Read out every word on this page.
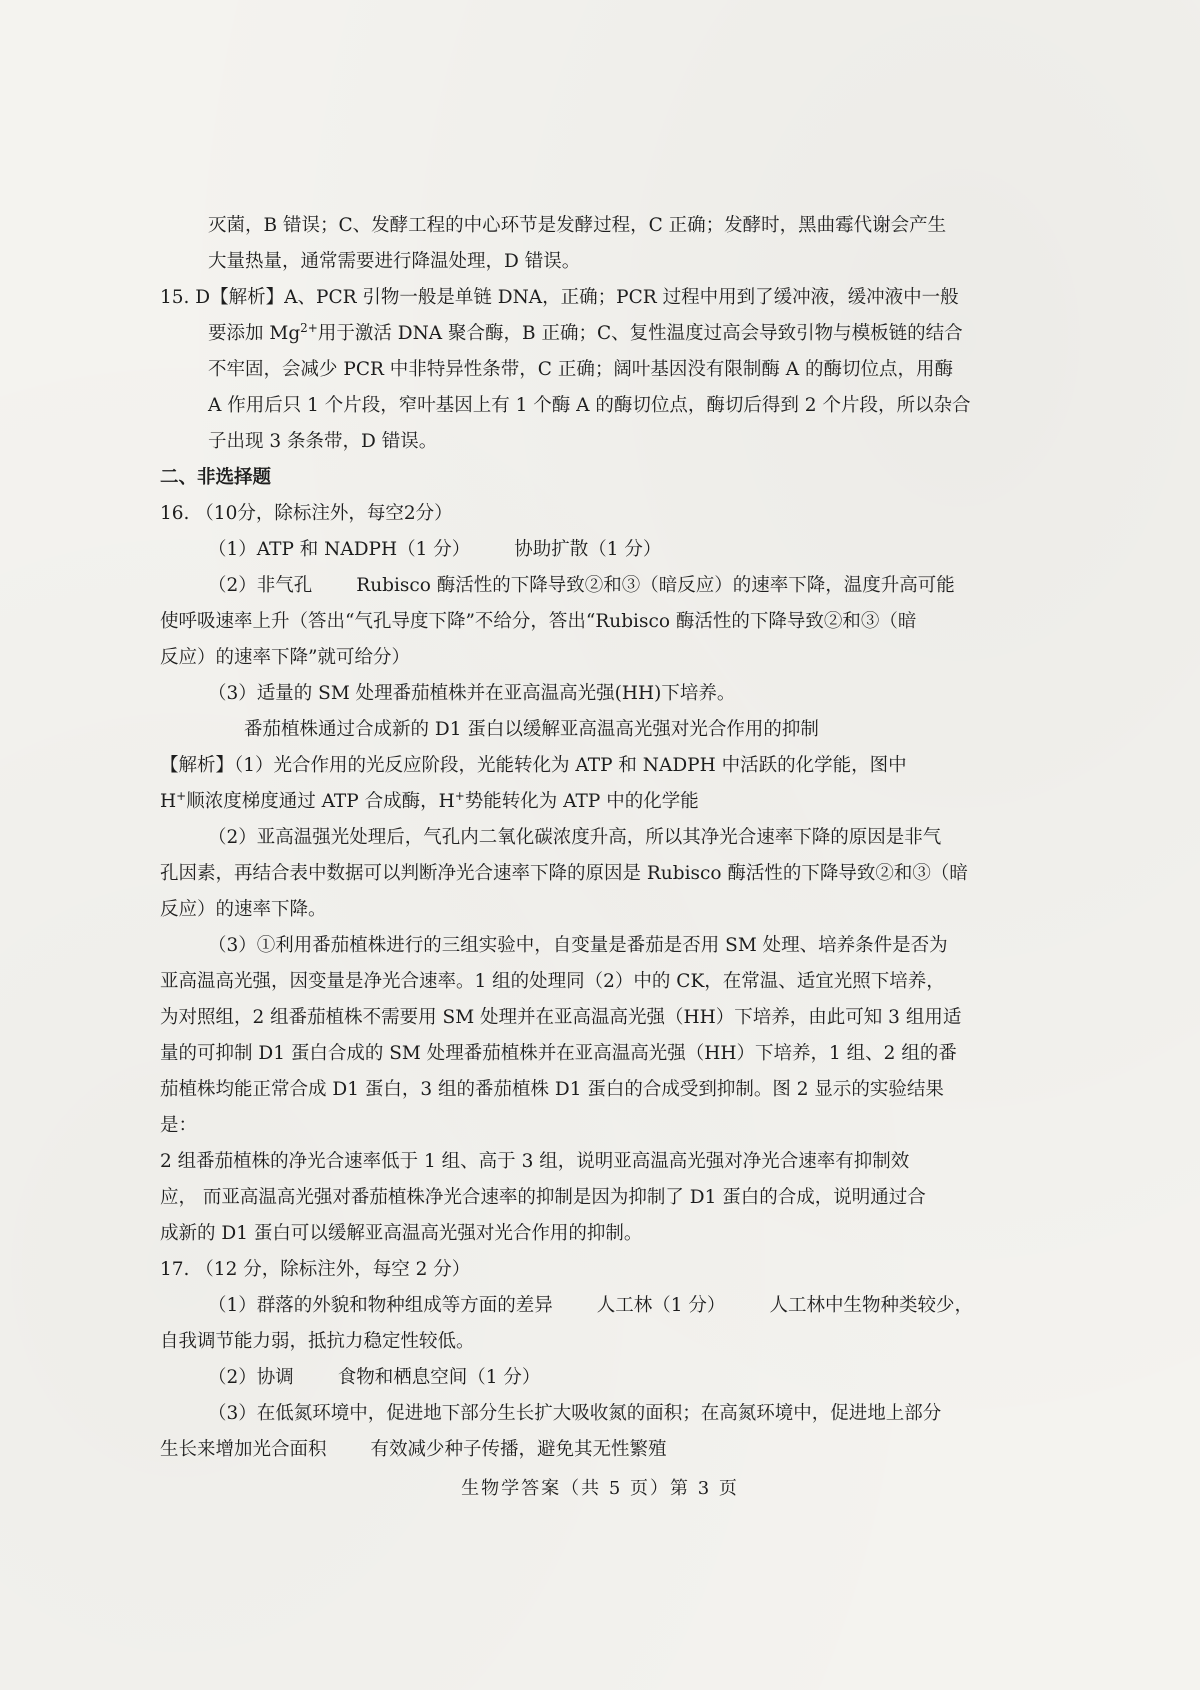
灭菌，B 错误；C、发酵工程的中心环节是发酵过程，C 正确；发酵时，黑曲霉代谢会产生

大量热量，通常需要进行降温处理，D 错误。

15. D【解析】A、PCR 引物一般是单链 DNA，正确；PCR 过程中用到了缓冲液，缓冲液中一般

要添加 $Mg^{2+}$用于激活 DNA 聚合酶，B 正确；C、复性温度过高会导致引物与模板链的结合

不牢固，会减少 PCR 中非特异性条带，C 正确；阔叶基因没有限制酶 A 的酶切位点，用酶

A 作用后只 1 个片段，窄叶基因上有 1 个酶 A 的酶切位点，酶切后得到 2 个片段，所以杂合

子出现 3 条条带，D 错误。

二、非选择题

16. （10分，除标注外，每空2分）

（1）ATP 和 NADPH（1 分） 协助扩散（1 分）

（2）非气孔 Rubisco 酶活性的下降导致②和③（暗反应）的速率下降，温度升高可能

使呼吸速率上升（答出“气孔导度下降”不给分，答出“Rubisco 酶活性的下降导致②和③（暗

反应）的速率下降”就可给分）

（3）适量的 SM 处理番茄植株并在亚高温高光强(HH)下培养。

番茄植株通过合成新的 D1 蛋白以缓解亚高温高光强对光合作用的抑制

【解析】（1）光合作用的光反应阶段，光能转化为 ATP 和 NADPH 中活跃的化学能，图中

H+顺浓度梯度通过 ATP 合成酶，H+势能转化为 ATP 中的化学能

（2）亚高温强光处理后，气孔内二氧化碳浓度升高，所以其净光合速率下降的原因是非气

孔因素，再结合表中数据可以判断净光合速率下降的原因是 Rubisco 酶活性的下降导致②和③（暗

反应）的速率下降。

（3）①利用番茄植株进行的三组实验中，自变量是番茄是否用 SM 处理、培养条件是否为

亚高温高光强，因变量是净光合速率。1 组的处理同（2）中的 CK，在常温、适宜光照下培养，

为对照组，2 组番茄植株不需要用 SM 处理并在亚高温高光强（HH）下培养，由此可知 3 组用适

量的可抑制 D1 蛋白合成的 SM 处理番茄植株并在亚高温高光强（HH）下培养，1 组、2 组的番

茄植株均能正常合成 D1 蛋白，3 组的番茄植株 D1 蛋白的合成受到抑制。图 2 显示的实验结果

是：

2 组番茄植株的净光合速率低于 1 组、高于 3 组，说明亚高温高光强对净光合速率有抑制效

应， 而亚高温高光强对番茄植株净光合速率的抑制是因为抑制了 D1 蛋白的合成，说明通过合

成新的 D1 蛋白可以缓解亚高温高光强对光合作用的抑制。

17. （12 分，除标注外，每空 2 分）

（1）群落的外貌和物种组成等方面的差异 人工林（1 分） 人工林中生物种类较少，

自我调节能力弱，抵抗力稳定性较低。

（2）协调 食物和栖息空间（1 分）

（3）在低氮环境中，促进地下部分生长扩大吸收氮的面积；在高氮环境中，促进地上部分

生长来增加光合面积 有效减少种子传播，避免其无性繁殖

生物学答案（共 5 页）第 3 页
